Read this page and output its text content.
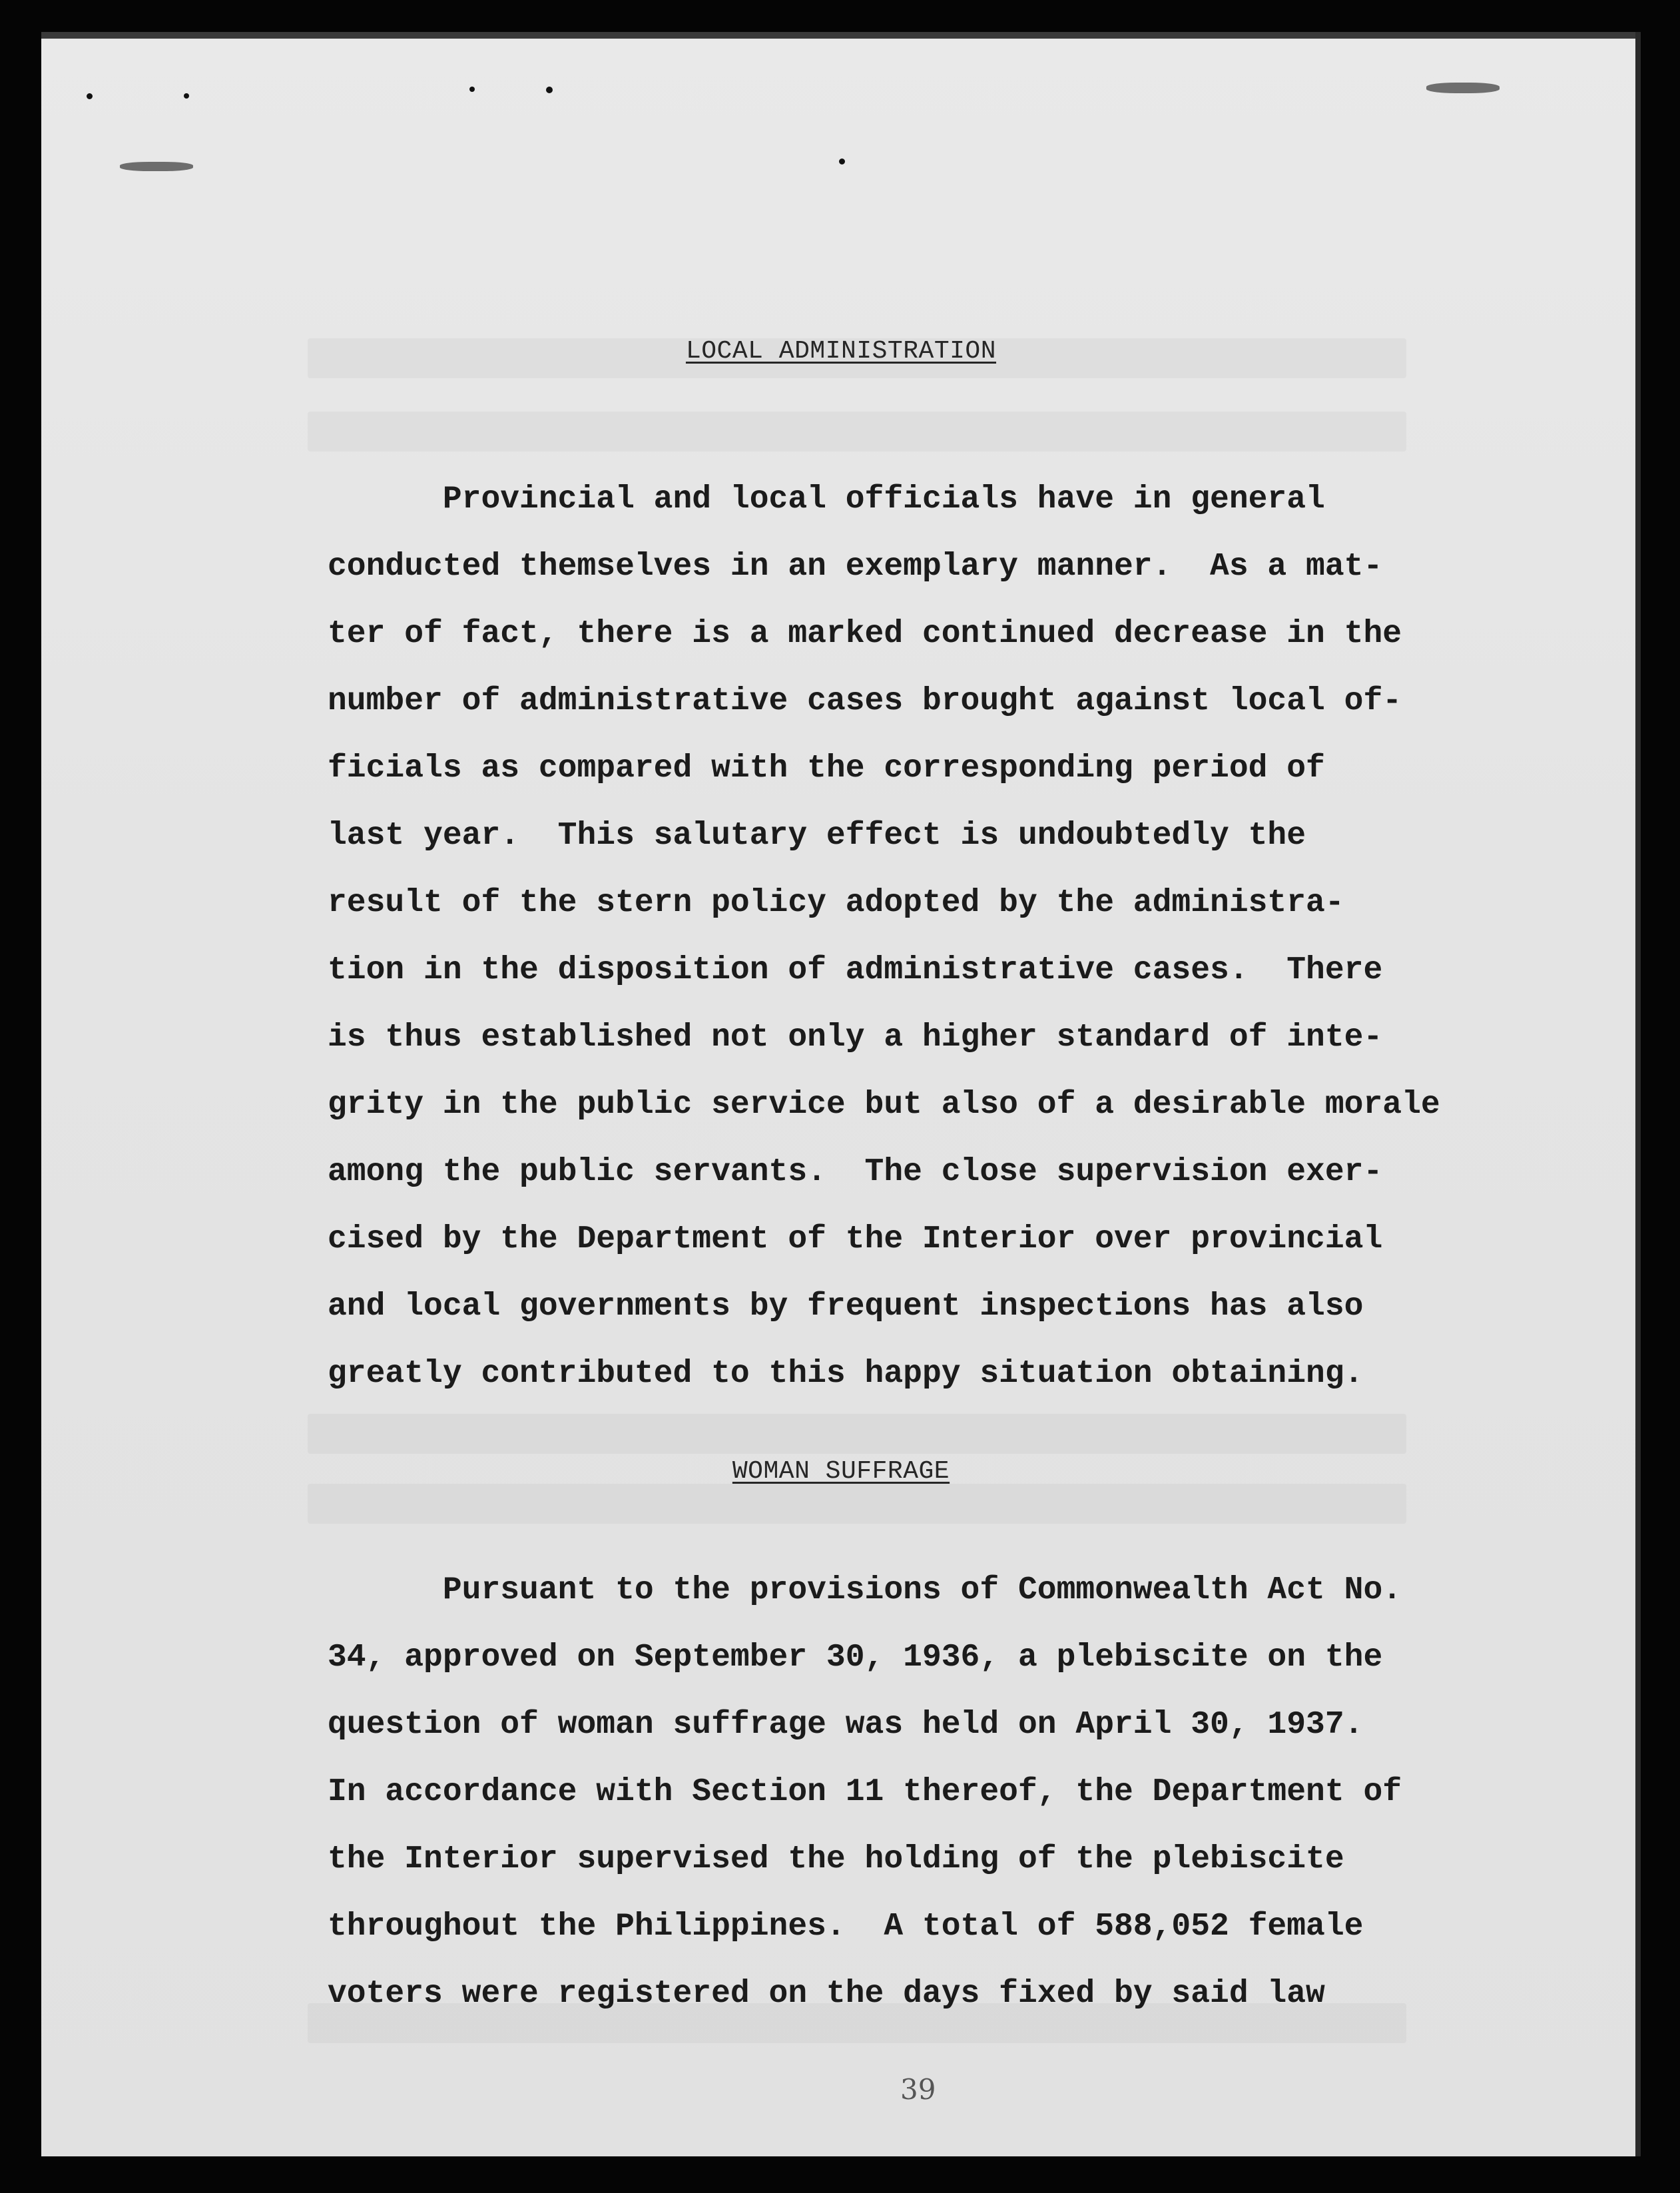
LOCAL ADMINISTRATION
Provincial and local officials have in general
conducted themselves in an exemplary manner.  As a mat-
ter of fact, there is a marked continued decrease in the
number of administrative cases brought against local of-
ficials as compared with the corresponding period of
last year.  This salutary effect is undoubtedly the
result of the stern policy adopted by the administra-
tion in the disposition of administrative cases.  There
is thus established not only a higher standard of inte-
grity in the public service but also of a desirable morale
among the public servants.  The close supervision exer-
cised by the Department of the Interior over provincial
and local governments by frequent inspections has also
greatly contributed to this happy situation obtaining.
WOMAN SUFFRAGE
Pursuant to the provisions of Commonwealth Act No.
34, approved on September 30, 1936, a plebiscite on the
question of woman suffrage was held on April 30, 1937.
In accordance with Section 11 thereof, the Department of
the Interior supervised the holding of the plebiscite
throughout the Philippines.  A total of 588,052 female
voters were registered on the days fixed by said law
39
